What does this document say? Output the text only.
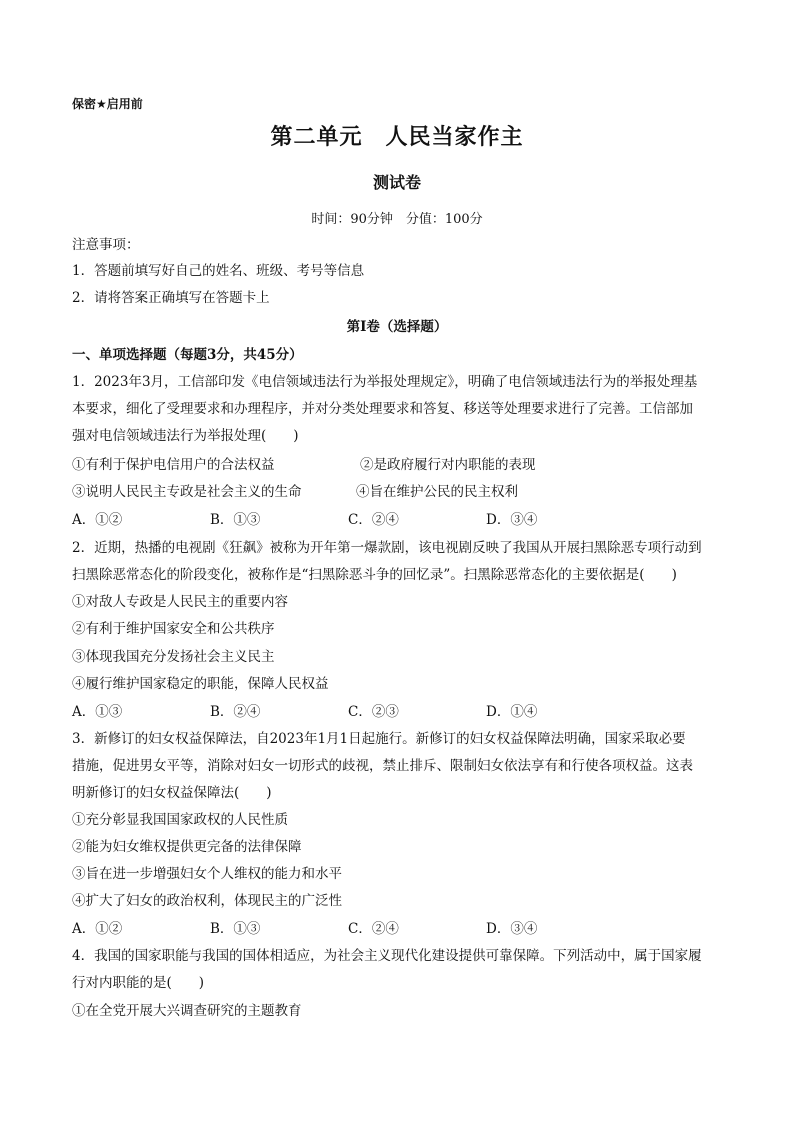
保密★启用前
第二单元　人民当家作主
测试卷
时间：90分钟　分值：100分
注意事项：
1．答题前填写好自己的姓名、班级、考号等信息
2．请将答案正确填写在答题卡上
第Ⅰ卷（选择题）
一、单项选择题（每题3分，共45分）
1．2023年3月，工信部印发《电信领域违法行为举报处理规定》，明确了电信领域违法行为的举报处理基
本要求，细化了受理要求和办理程序，并对分类处理要求和答复、移送等处理要求进行了完善。工信部加
强对电信领域违法行为举报处理(　　)
①有利于保护电信用户的合法权益	②是政府履行对内职能的表现
③说明人民民主专政是社会主义的生命	④旨在维护公民的民主权利
A．①②	B．①③	C．②④	D．③④
2．近期，热播的电视剧《狂飙》被称为开年第一爆款剧，该电视剧反映了我国从开展扫黑除恶专项行动到
扫黑除恶常态化的阶段变化，被称作是“扫黑除恶斗争的回忆录”。扫黑除恶常态化的主要依据是(　　)
①对敌人专政是人民民主的重要内容
②有利于维护国家安全和公共秩序
③体现我国充分发扬社会主义民主
④履行维护国家稳定的职能，保障人民权益
A．①③	B．②④	C．②③	D．①④
3．新修订的妇女权益保障法，自2023年1月1日起施行。新修订的妇女权益保障法明确，国家采取必要
措施，促进男女平等，消除对妇女一切形式的歧视，禁止排斥、限制妇女依法享有和行使各项权益。这表
明新修订的妇女权益保障法(　　)
①充分彰显我国国家政权的人民性质
②能为妇女维权提供更完备的法律保障
③旨在进一步增强妇女个人维权的能力和水平
④扩大了妇女的政治权利，体现民主的广泛性
A．①②	B．①③	C．②④	D．③④
4．我国的国家职能与我国的国体相适应，为社会主义现代化建设提供可靠保障。下列活动中，属于国家履
行对内职能的是(　　)
①在全党开展大兴调查研究的主题教育
